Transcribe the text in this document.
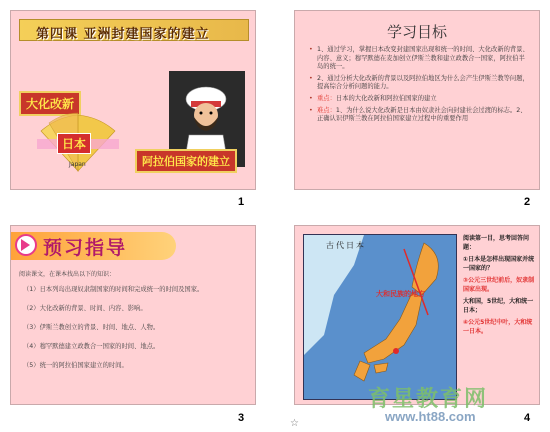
第四课 亚洲封建国家的建立
大化改新
日本
Japan	阿拉伯国家的建立
1
学习目标
• 1、通过学习，掌握日本改变封建国家出现和统一的时间、大化改新的背景、内容、意义；穆罕默德在麦加创立伊斯兰教和建立政教合一国家，阿拉伯半岛的统一。
• 2、通过分析大化改新的背景以及阿拉伯地区为什么会产生伊斯兰教等问题，提高综合分析问题的能力。
• 重点：日本的大化改新和阿拉伯国家的建立
• 难点：1、为什么说大化改新是日本由奴隶社会向封建社会过渡的标志。2、正确认识伊斯兰教在阿拉伯国家建立过程中的重要作用
2
预习指导
阅读课文，在课本找出以下的知识：
（1）日本列岛出现奴隶制国家的时间和完成统一的时间及国家。
（2）大化改新的背景、时间、内容、影响。
（3）伊斯兰教创立的背景、时间、地点、人物。
（4）穆罕默德建立政教合一国家的时间、地点。
（5）统一的阿拉伯国家建立的时间。
3
古代日本
大和民族的地方
阅读第一目，思考回答问题：
①日本是怎样出现国家并统一国家的？
③公元三世纪前后，奴隶制国家出现。
大和国，5世纪，大和统一日本；
④公元5世纪中叶，大和统一日本。
4
☆
育星教育网
www.ht88.com
